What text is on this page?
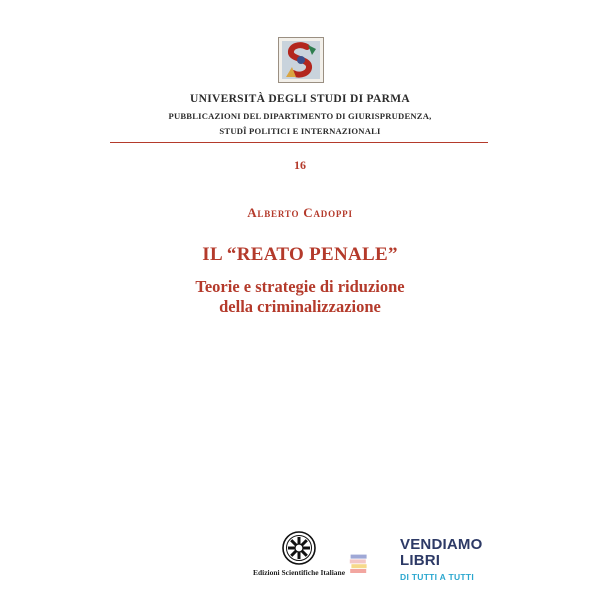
UNIVERSITÀ DEGLI STUDI DI PARMA
PUBBLICAZIONI DEL DIPARTIMENTO DI GIURISPRUDENZA,
STUDÎ POLITICI E INTERNAZIONALI
16
Alberto Cadoppi
IL “REATO PENALE”
Teorie e strategie di riduzione
della criminalizzazione
Edizioni Scientifiche Italiane
VENDIAMO
LIBRI
DI TUTTI A TUTTI
